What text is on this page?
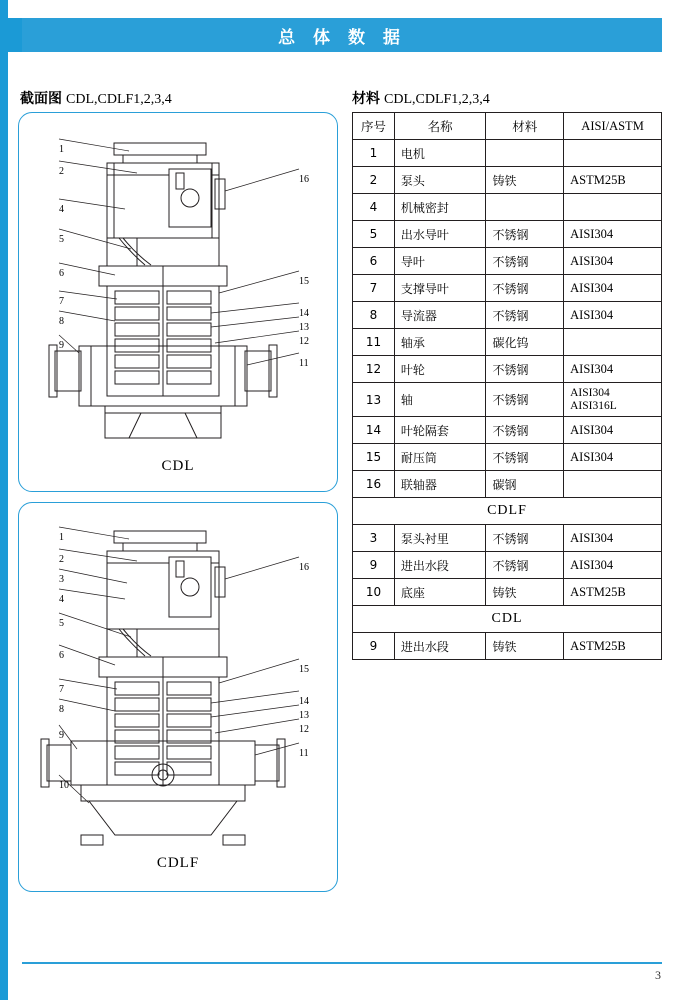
总 体 数 据
截面图 CDL,CDLF1,2,3,4	材料 CDL,CDLF1,2,3,4
1
2
4
5
6
7
8
9
16
15
14
13
12
11
CDL
1
2
3
4
5
6
7
8
9
10
16
15
14
13
12
11
CDLF
序号	名称	材料	AISI/ASTM
1	电机		
2	泵头	铸铁	ASTM25B
4	机械密封		
5	出水导叶	不锈钢	AISI304
6	导叶	不锈钢	AISI304
7	支撑导叶	不锈钢	AISI304
8	导流器	不锈钢	AISI304
11	轴承	碳化钨	
12	叶轮	不锈钢	AISI304
13	轴	不锈钢	AISI304
AISI316L
14	叶轮隔套	不锈钢	AISI304
15	耐压筒	不锈钢	AISI304
16	联轴器	碳钢	
CDLF			
3	泵头衬里	不锈钢	AISI304
9	进出水段	不锈钢	AISI304
10	底座	铸铁	ASTM25B
CDL			
9	进出水段	铸铁	ASTM25B
3
